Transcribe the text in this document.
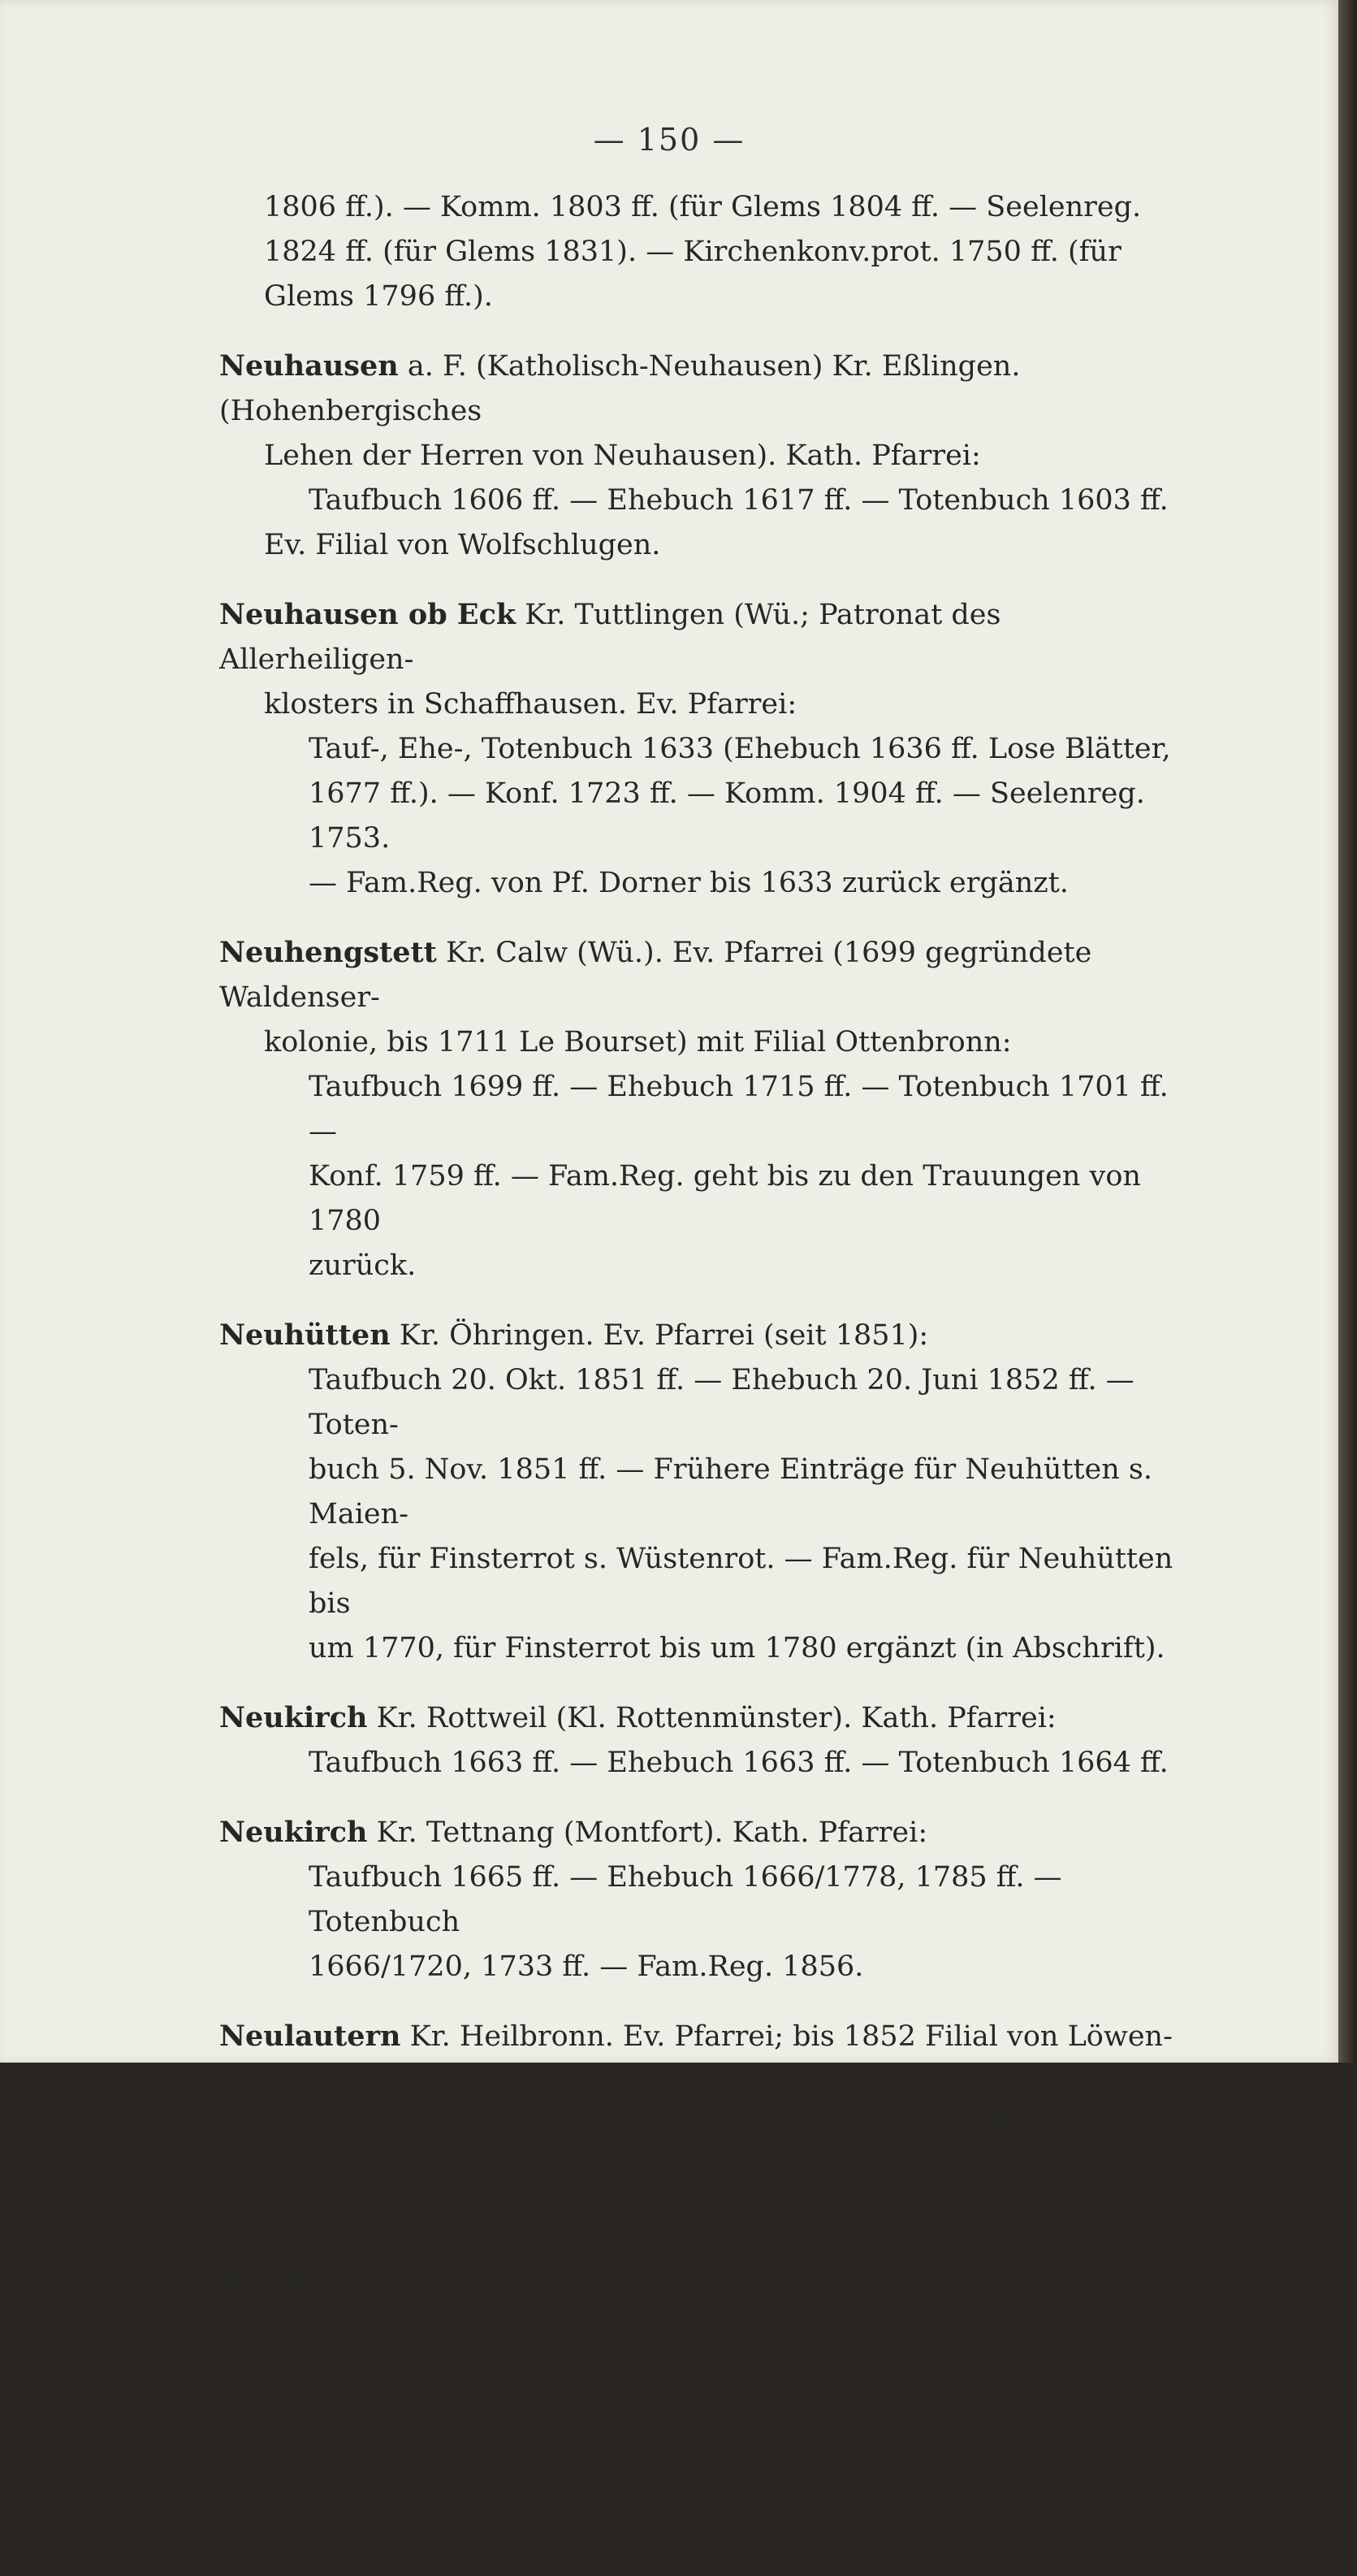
— 150 —
1806 ff.). — Komm. 1803 ff. (für Glems 1804 ff. — Seelenreg.
1824 ff. (für Glems 1831). — Kirchenkonv.prot. 1750 ff. (für
Glems 1796 ff.).
Neuhausen a. F. (Katholisch-Neuhausen) Kr. Eßlingen. (Hohenbergisches
Lehen der Herren von Neuhausen). Kath. Pfarrei:
Taufbuch 1606 ff. — Ehebuch 1617 ff. — Totenbuch 1603 ff.
Ev. Filial von Wolfschlugen.
Neuhausen ob Eck Kr. Tuttlingen (Wü.; Patronat des Allerheiligen-
klosters in Schaffhausen. Ev. Pfarrei:
Tauf-, Ehe-, Totenbuch 1633 (Ehebuch 1636 ff. Lose Blätter,
1677 ff.). — Konf. 1723 ff. — Komm. 1904 ff. — Seelenreg. 1753.
— Fam.Reg. von Pf. Dorner bis 1633 zurück ergänzt.
Neuhengstett Kr. Calw (Wü.). Ev. Pfarrei (1699 gegründete Waldenser-
kolonie, bis 1711 Le Bourset) mit Filial Ottenbronn:
Taufbuch 1699 ff. — Ehebuch 1715 ff. — Totenbuch 1701 ff. —
Konf. 1759 ff. — Fam.Reg. geht bis zu den Trauungen von 1780
zurück.
Neuhütten Kr. Öhringen. Ev. Pfarrei (seit 1851):
Taufbuch 20. Okt. 1851 ff. — Ehebuch 20. Juni 1852 ff. — Toten-
buch 5. Nov. 1851 ff. — Frühere Einträge für Neuhütten s. Maien-
fels, für Finsterrot s. Wüstenrot. — Fam.Reg. für Neuhütten bis
um 1770, für Finsterrot bis um 1780 ergänzt (in Abschrift).
Neukirch Kr. Rottweil (Kl. Rottenmünster). Kath. Pfarrei:
Taufbuch 1663 ff. — Ehebuch 1663 ff. — Totenbuch 1664 ff.
Neukirch Kr. Tettnang (Montfort). Kath. Pfarrei:
Taufbuch 1665 ff. — Ehebuch 1666/1778, 1785 ff. — Totenbuch
1666/1720, 1733 ff. — Fam.Reg. 1856.
Neulautern Kr. Heilbronn. Ev. Pfarrei; bis 1852 Filial von Löwen-
stein, wo frühere Einträge:
Taufbuch 1830 ff. — Ehe- und Totenbuch 1853 ff. — Seelenreg.
1800.
Neuler Kr. Ellwangen (Ellwangen). Kath. Pfarrei und Filialen
Bronnen, Ebnat, Espachweiler, Gaishardt, Leinenfirst Ramsenstrut,
Schwenningen Gem. Schwabsberg und z. T. Pommertsweiler:
Tauf-, Ehe-, Totenbuch 1581/1607, 1646/47 mit Lücken, 1648/51,
1663 ff.
